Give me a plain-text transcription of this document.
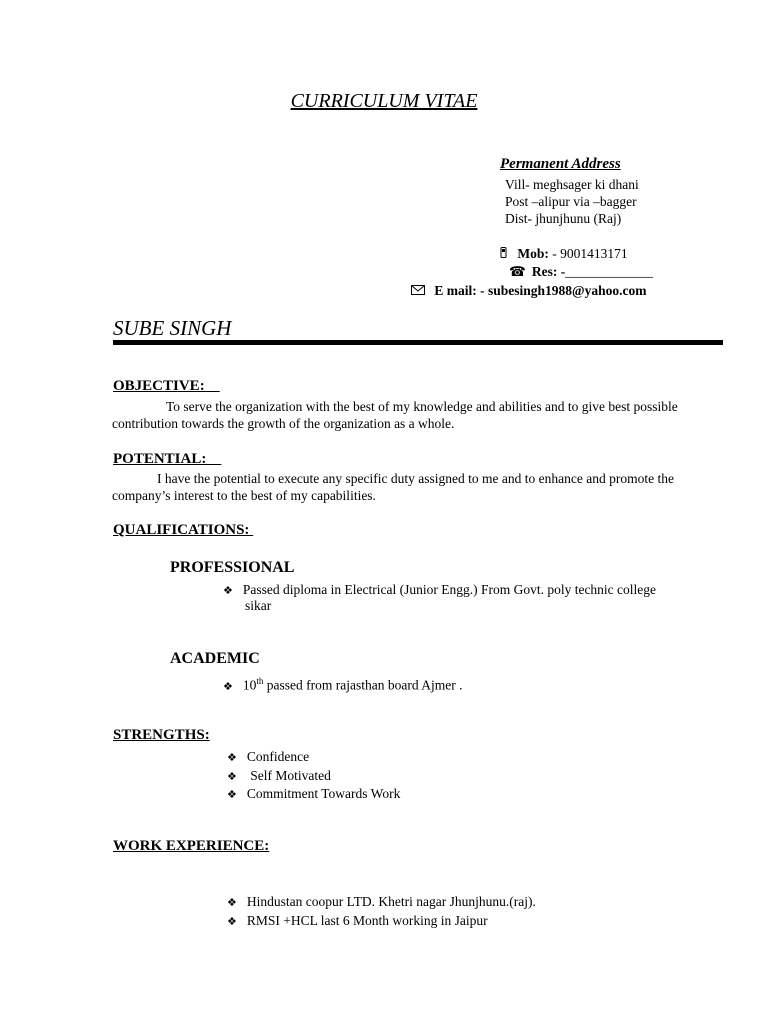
CURRICULUM VITAE
Permanent Address
Vill- meghsager ki dhani
Post –alipur via –bagger
Dist- jhunjhunu (Raj)
Mob: - 9001413171
☎ Res: -_____________
E mail: - subesingh1988@yahoo.com
SUBE SINGH
OBJECTIVE:
To serve the organization with the best of my knowledge and abilities and to give best possible contribution towards the growth of the organization as a whole.
POTENTIAL:
I have the potential to execute any specific duty assigned to me and to enhance and promote the company’s interest to the best of my capabilities.
QUALIFICATIONS:
PROFESSIONAL
❖ Passed diploma in Electrical (Junior Engg.) From Govt. poly technic college
sikar
ACADEMIC
❖ 10th passed from rajasthan board Ajmer .
STRENGTHS:
❖ Confidence
❖ Self Motivated
❖ Commitment Towards Work
WORK EXPERIENCE:
❖ Hindustan coopur LTD. Khetri nagar Jhunjhunu.(raj).
❖ RMSI +HCL last 6 Month working in Jaipur
